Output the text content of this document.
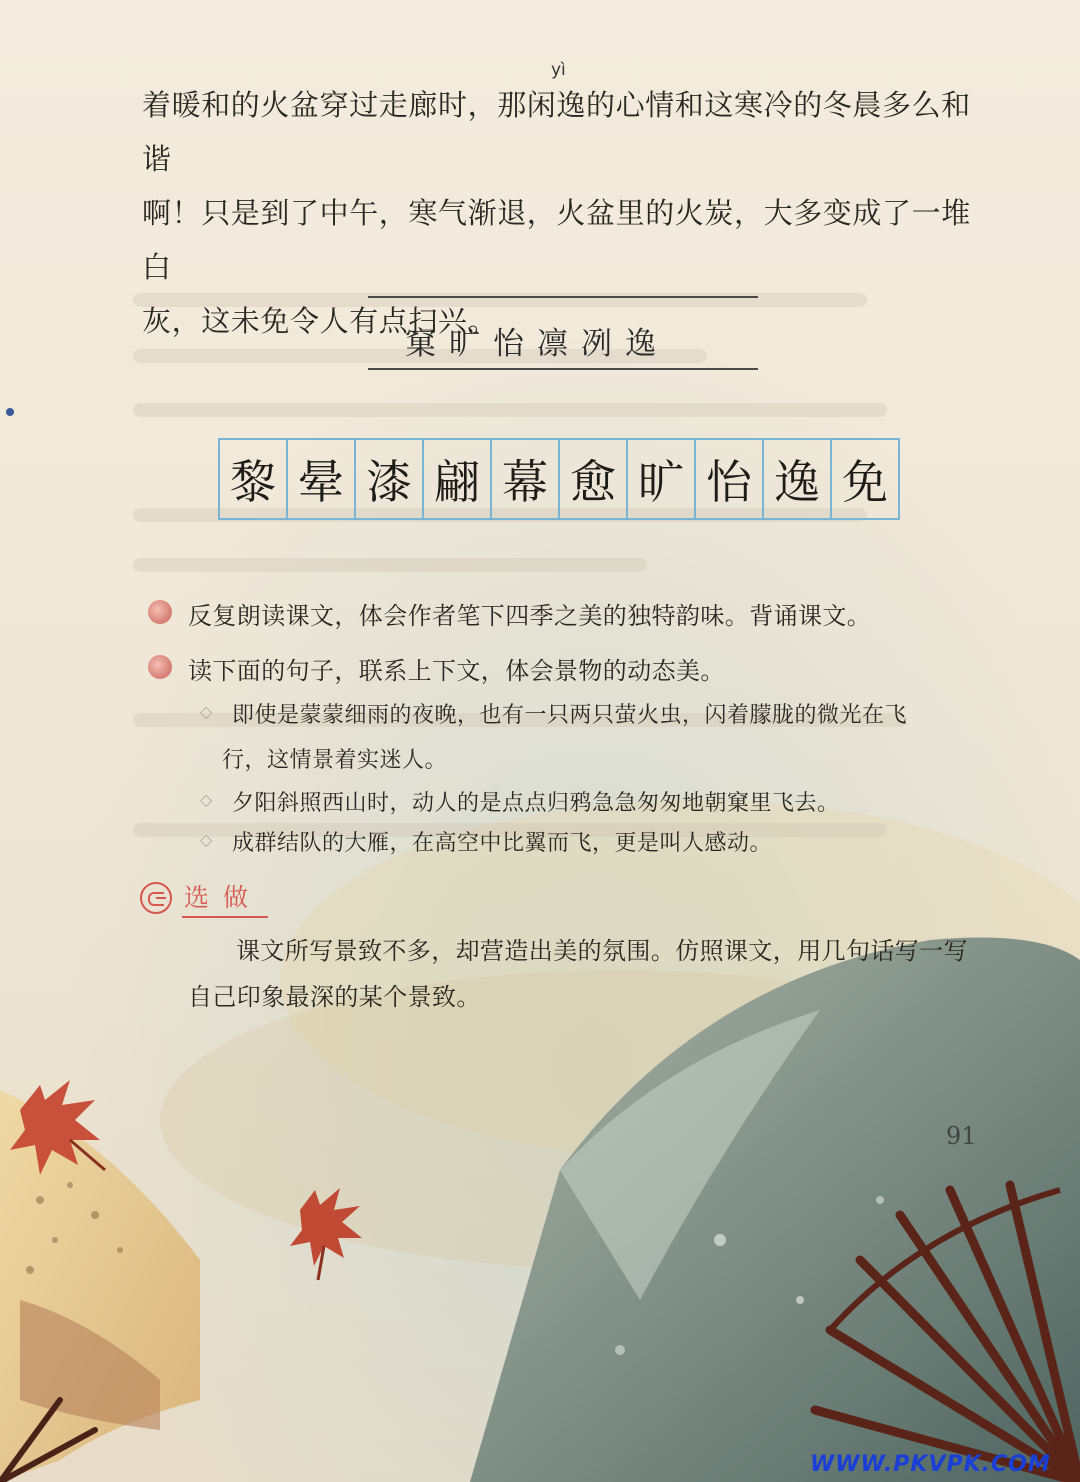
yì
着暖和的火盆穿过走廊时，那闲逸的心情和这寒冷的冬晨多么和谐
啊！只是到了中午，寒气渐退，火盆里的火炭，大多变成了一堆白
灰，这未免令人有点扫兴。
窠旷怡凛冽逸
黎 晕 漆 翩 幕 愈 旷 怡 逸 免
反复朗读课文，体会作者笔下四季之美的独特韵味。背诵课文。
读下面的句子，联系上下文，体会景物的动态美。
◇ 即使是蒙蒙细雨的夜晚，也有一只两只萤火虫，闪着朦胧的微光在飞
行，这情景着实迷人。
◇ 夕阳斜照西山时，动人的是点点归鸦急急匆匆地朝窠里飞去。
◇ 成群结队的大雁，在高空中比翼而飞，更是叫人感动。
选做
课文所写景致不多，却营造出美的氛围。仿照课文，用几句话写一写
自己印象最深的某个景致。
91
WWW.PKVPK.COM
